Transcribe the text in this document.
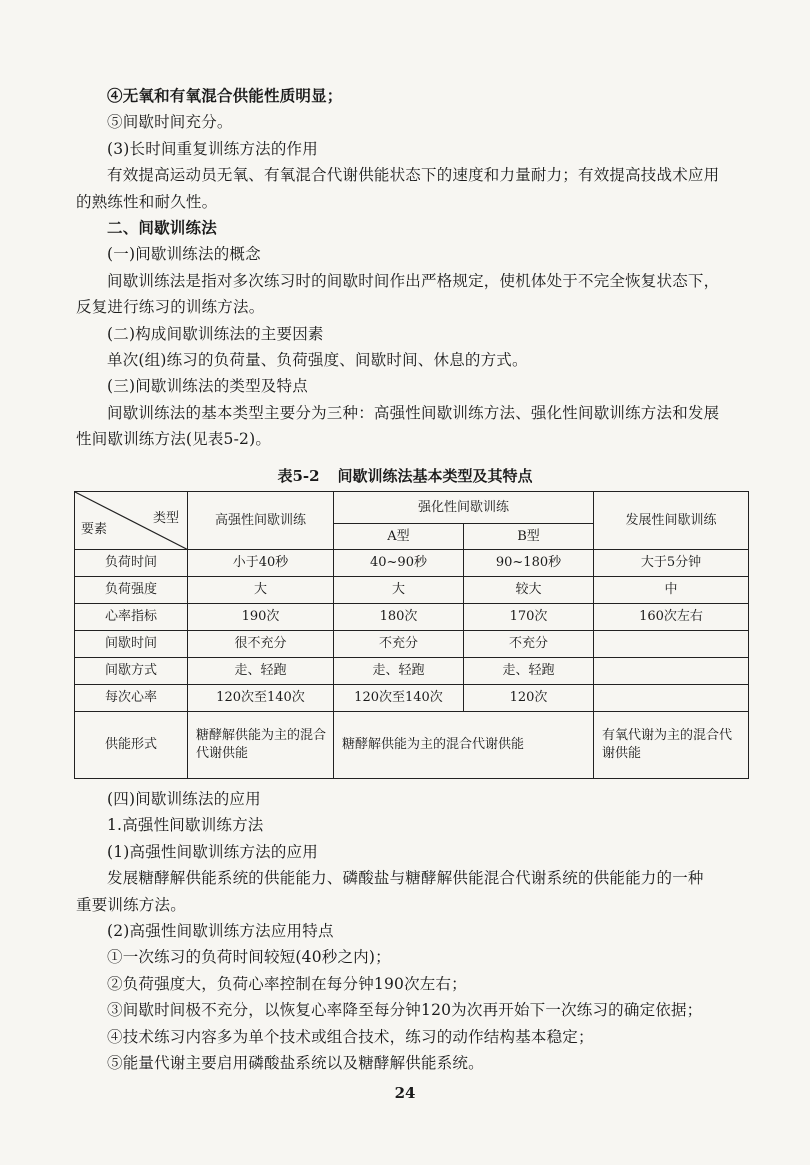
④无氧和有氧混合供能性质明显；
⑤间歇时间充分。
(3)长时间重复训练方法的作用
有效提高运动员无氧、有氧混合代谢供能状态下的速度和力量耐力；有效提高技战术应用
的熟练性和耐久性。
二、间歇训练法
(一)间歇训练法的概念
间歇训练法是指对多次练习时的间歇时间作出严格规定，使机体处于不完全恢复状态下，
反复进行练习的训练方法。
(二)构成间歇训练法的主要因素
单次(组)练习的负荷量、负荷强度、间歇时间、休息的方式。
(三)间歇训练法的类型及特点
间歇训练法的基本类型主要分为三种：高强性间歇训练方法、强化性间歇训练方法和发展
性间歇训练方法(见表5-2)。
表5-2 间歇训练法基本类型及其特点
要素
类型	高强性间歇训练	强化性间歇训练		发展性间歇训练
		A型	B型	
负荷时间	小于40秒	40~90秒	90~180秒	大于5分钟
负荷强度	大	大	较大	中
心率指标	190次	180次	170次	160次左右
间歇时间	很不充分	不充分	不充分	
间歇方式	走、轻跑	走、轻跑	走、轻跑	
每次心率	120次至140次	120次至140次	120次	
供能形式	糖酵解供能为主的混合代谢供能	糖酵解供能为主的混合代谢供能		有氧代谢为主的混合代谢供能
(四)间歇训练法的应用
1.高强性间歇训练方法
(1)高强性间歇训练方法的应用
发展糖酵解供能系统的供能能力、磷酸盐与糖酵解供能混合代谢系统的供能能力的一种
重要训练方法。
(2)高强性间歇训练方法应用特点
①一次练习的负荷时间较短(40秒之内)；
②负荷强度大，负荷心率控制在每分钟190次左右；
③间歇时间极不充分，以恢复心率降至每分钟120为次再开始下一次练习的确定依据；
④技术练习内容多为单个技术或组合技术，练习的动作结构基本稳定；
⑤能量代谢主要启用磷酸盐系统以及糖酵解供能系统。
24
